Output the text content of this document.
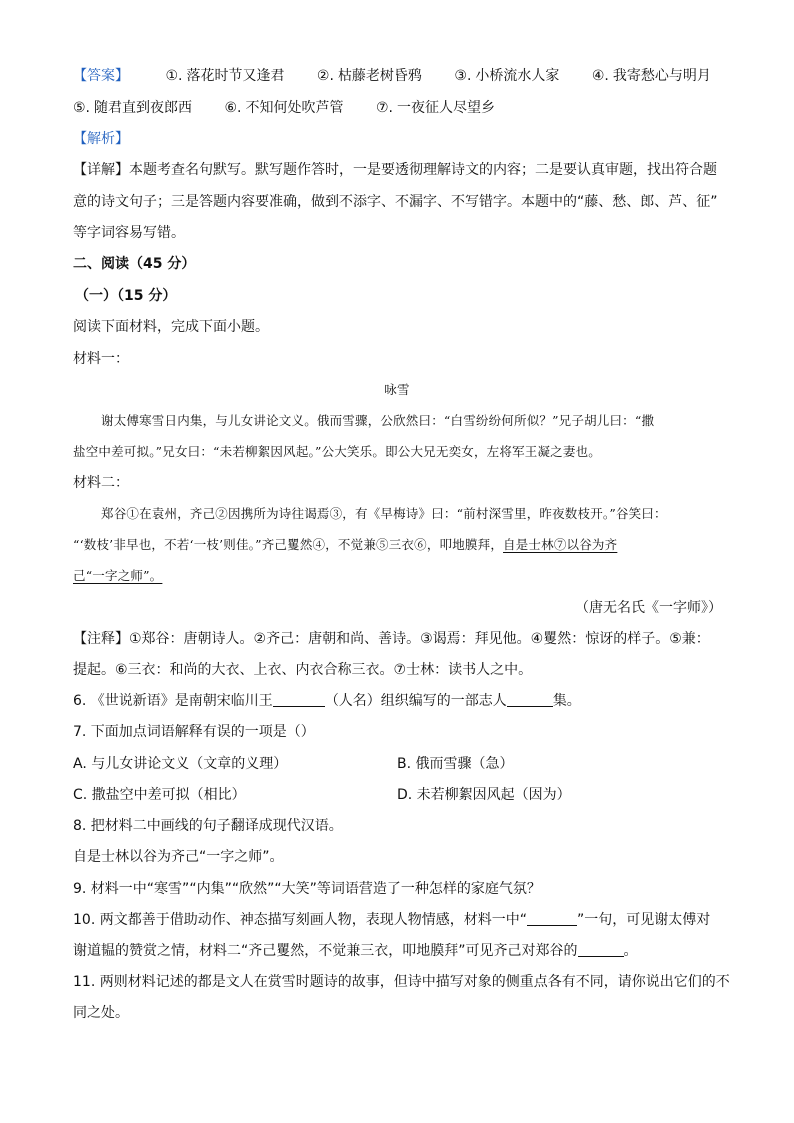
【答案】	①. 落花时节又逢君 ②. 枯藤老树昏鸦 ③. 小桥流水人家 ④. 我寄愁心与明月
⑤. 随君直到夜郎西 ⑥. 不知何处吹芦管 ⑦. 一夜征人尽望乡
【解析】
【详解】本题考查名句默写。默写题作答时，一是要透彻理解诗文的内容；二是要认真审题，找出符合题
意的诗文句子；三是答题内容要准确，做到不添字、不漏字、不写错字。本题中的“藤、愁、郎、芦、征”
等字词容易写错。
二、阅读（45 分）
（一）（15 分）
阅读下面材料，完成下面小题。
材料一：
咏雪
谢太傅寒雪日内集，与儿女讲论文义。俄而雪骤，公欣然曰：“白雪纷纷何所似？”兄子胡儿曰：“撒
盐空中差可拟。”兄女曰：“未若柳絮因风起。”公大笑乐。即公大兄无奕女，左将军王凝之妻也。
材料二：
郑谷①在袁州，齐己②因携所为诗往谒焉③，有《早梅诗》曰：“前村深雪里，昨夜数枝开。”谷笑曰：
“‘数枝’非早也，不若‘一枝’则佳。”齐己矍然④，不觉兼⑤三衣⑥，叩地膜拜，自是士林⑦以谷为齐
己“一字之师”。
（唐无名氏《一字师》）
【注释】①郑谷：唐朝诗人。②齐己：唐朝和尚、善诗。③谒焉：拜见他。④矍然：惊讶的样子。⑤兼：
提起。⑥三衣：和尚的大衣、上衣、内衣合称三衣。⑦士林：读书人之中。
6. 《世说新语》是南朝宋临川王	（人名）组织编写的一部志人	集。
7. 下面加点词语解释有误的一项是（）
A. 与儿女讲论文义（文章的义理）	B. 俄而雪骤（急）
C. 撒盐空中差可拟（相比）	D. 未若柳絮因风起（因为）
8. 把材料二中画线的句子翻译成现代汉语。
自是士林以谷为齐己“一字之师”。
9. 材料一中“寒雪”“内集”“欣然”“大笑”等词语营造了一种怎样的家庭气氛？
10. 两文都善于借助动作、神态描写刻画人物，表现人物情感，材料一中“	”一句，可见谢太傅对
谢道韫的赞赏之情，材料二“齐己矍然，不觉兼三衣，叩地膜拜”可见齐己对郑谷的	。
11. 两则材料记述的都是文人在赏雪时题诗的故事，但诗中描写对象的侧重点各有不同，请你说出它们的不
同之处。
